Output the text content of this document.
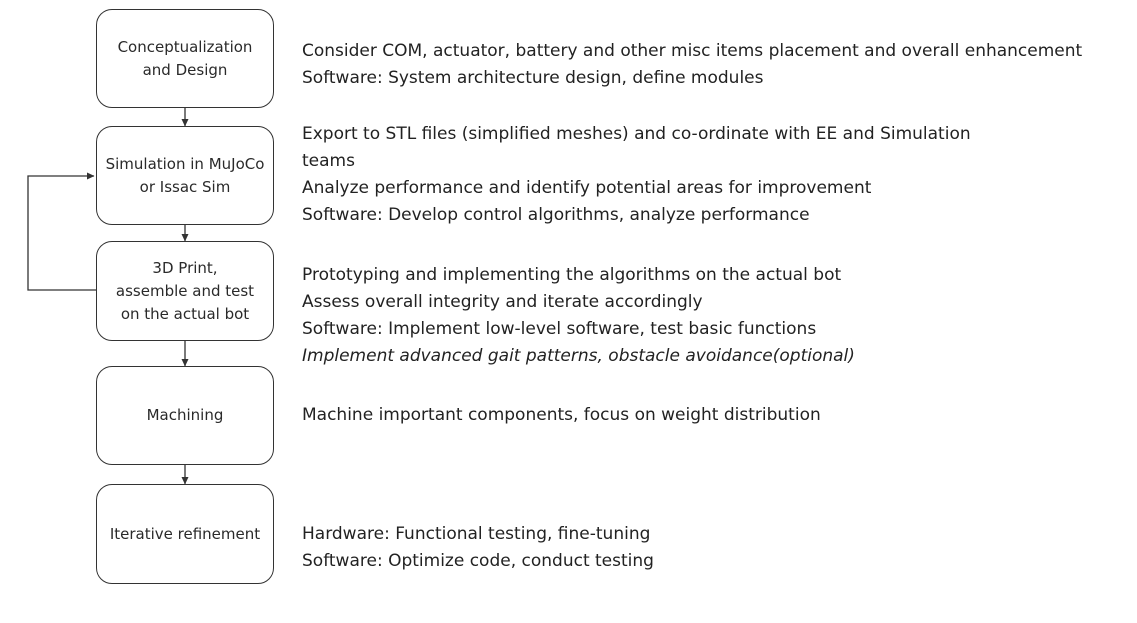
Conceptualization and Design
Simulation in MuJoCo or Issac Sim
3D Print, assemble and test on the actual bot
Machining
Iterative refinement
Consider COM, actuator, battery and other misc items placement and overall enhancement
Software: System architecture design, define modules
Export to STL files (simplified meshes) and co-ordinate with EE and Simulation
teams
Analyze performance and identify potential areas for improvement
Software: Develop control algorithms, analyze performance
Prototyping and implementing the algorithms on the actual bot
Assess overall integrity and iterate accordingly
Software: Implement low-level software, test basic functions
Implement advanced gait patterns, obstacle avoidance(optional)
Machine important components, focus on weight distribution
Hardware: Functional testing, fine-tuning
Software: Optimize code, conduct testing
